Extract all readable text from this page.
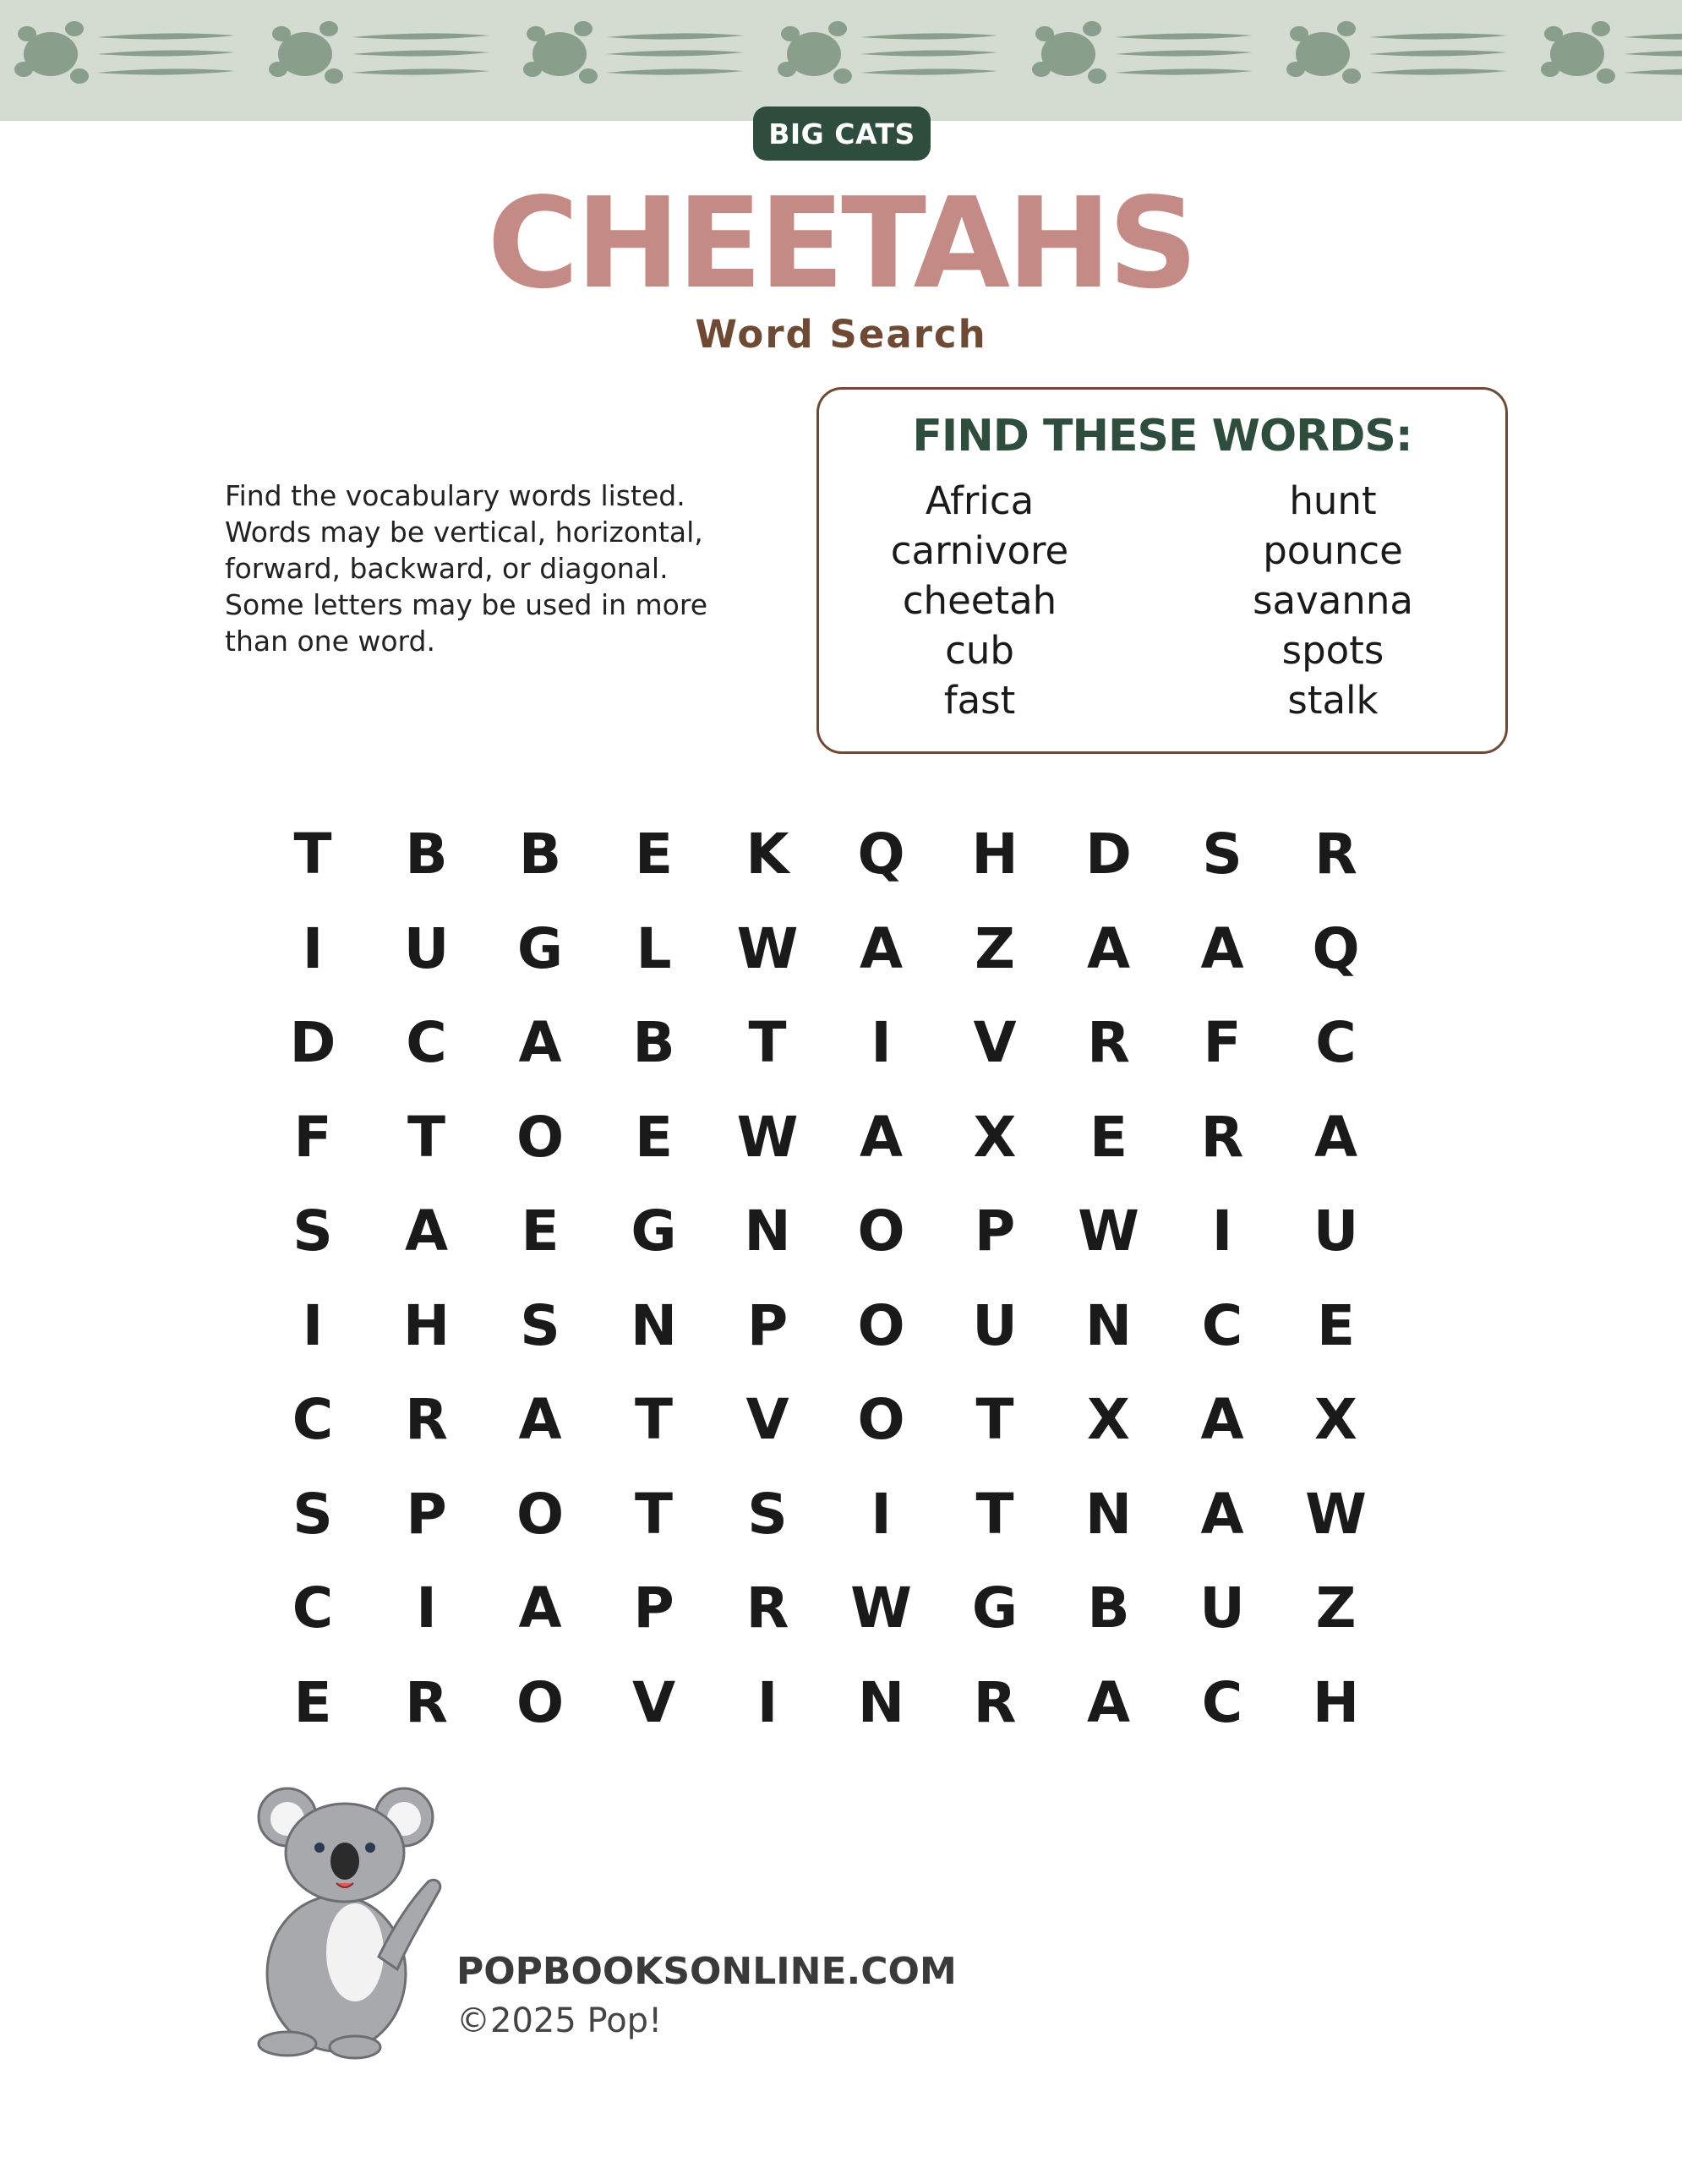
BIG CATS
CHEETAHS
Word Search
Find the vocabulary words listed.
Words may be vertical, horizontal,
forward, backward, or diagonal.
Some letters may be used in more
than one word.
FIND THESE WORDS:
Africa
carnivore
cheetah
cub
fast
hunt
pounce
savanna
spots
stalk
T	B	B	E	K	Q	H	D	S	R
I	U	G	L	W	A	Z	A	A	Q
D	C	A	B	T	I	V	R	F	C
F	T	O	E	W	A	X	E	R	A
S	A	E	G	N	O	P	W	I	U
I	H	S	N	P	O	U	N	C	E
C	R	A	T	V	O	T	X	A	X
S	P	O	T	S	I	T	N	A	W
C	I	A	P	R	W	G	B	U	Z
E	R	O	V	I	N	R	A	C	H
POPBOOKSONLINE.COM
©2025 Pop!
